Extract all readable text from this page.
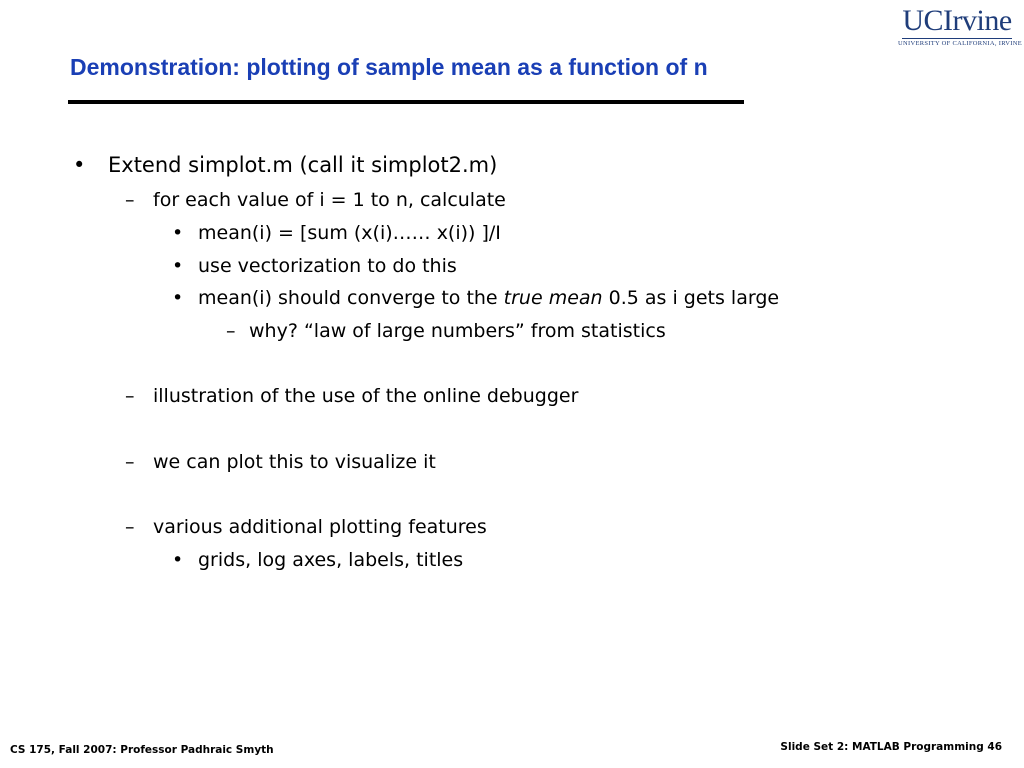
UCIrvine
UNIVERSITY OF CALIFORNIA, IRVINE
Demonstration: plotting of sample mean as a function of n
• Extend simplot.m (call it simplot2.m)
– for each value of i = 1 to n, calculate
• mean(i) = [sum (x(i)…… x(i)) ]/I
• use vectorization to do this
• mean(i) should converge to the true mean 0.5 as i gets large
– why? “law of large numbers” from statistics
– illustration of the use of the online debugger
– we can plot this to visualize it
– various additional plotting features
• grids, log axes, labels, titles
CS 175, Fall 2007: Professor Padhraic Smyth	Slide Set 2: MATLAB Programming 46
